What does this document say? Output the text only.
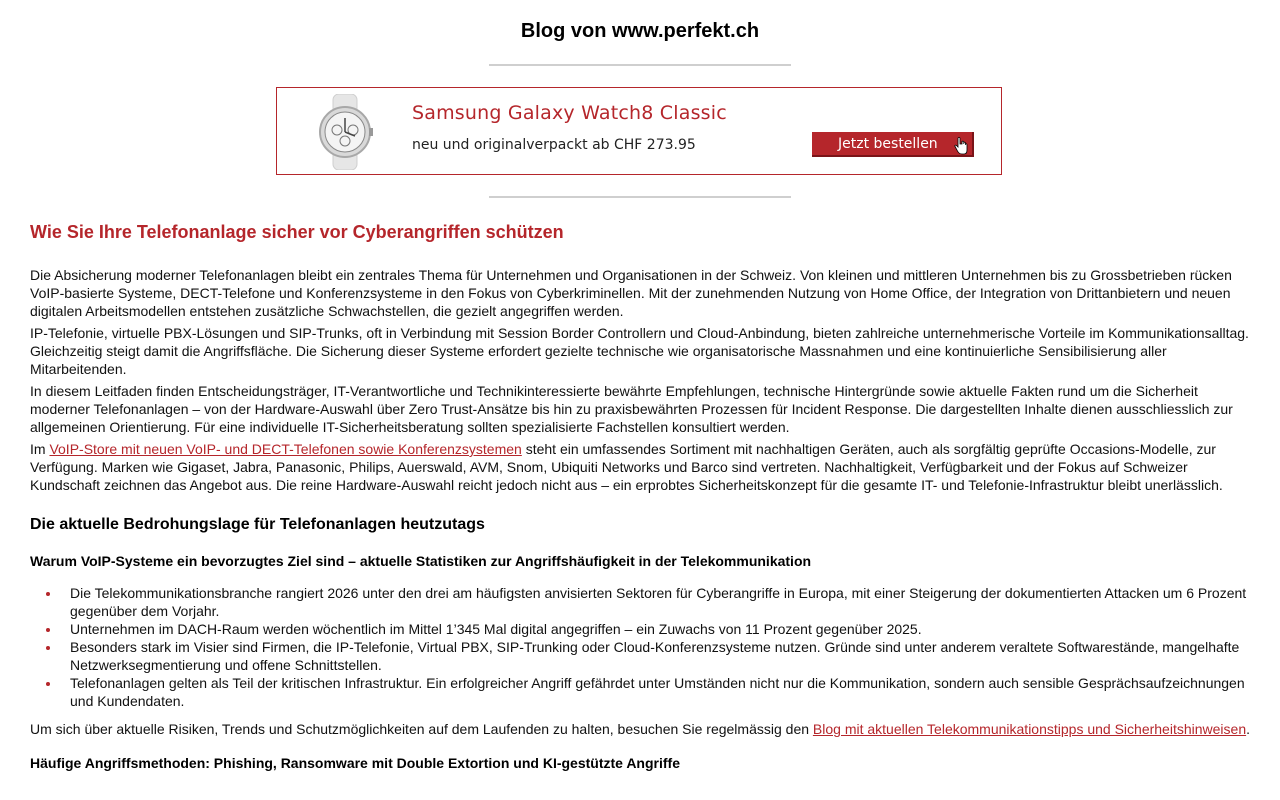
Blog von www.perfekt.ch
Samsung Galaxy Watch8 Classic
neu und originalverpackt ab CHF 273.95	Jetzt bestellen
Wie Sie Ihre Telefonanlage sicher vor Cyberangriffen schützen

Die Absicherung moderner Telefonanlagen bleibt ein zentrales Thema für Unternehmen und Organisationen in der Schweiz. Von kleinen und mittleren Unternehmen bis zu Grossbetrieben rücken VoIP-basierte Systeme, DECT-Telefone und Konferenzsysteme in den Fokus von Cyberkriminellen. Mit der zunehmenden Nutzung von Home Office, der Integration von Drittanbietern und neuen digitalen Arbeitsmodellen entstehen zusätzliche Schwachstellen, die gezielt angegriffen werden.

IP-Telefonie, virtuelle PBX-Lösungen und SIP-Trunks, oft in Verbindung mit Session Border Controllern und Cloud-Anbindung, bieten zahlreiche unternehmerische Vorteile im Kommunikationsalltag. Gleichzeitig steigt damit die Angriffsfläche. Die Sicherung dieser Systeme erfordert gezielte technische wie organisatorische Massnahmen und eine kontinuierliche Sensibilisierung aller Mitarbeitenden.

In diesem Leitfaden finden Entscheidungsträger, IT-Verantwortliche und Technikinteressierte bewährte Empfehlungen, technische Hintergründe sowie aktuelle Fakten rund um die Sicherheit moderner Telefonanlagen – von der Hardware-Auswahl über Zero Trust-Ansätze bis hin zu praxisbewährten Prozessen für Incident Response. Die dargestellten Inhalte dienen ausschliesslich zur allgemeinen Orientierung. Für eine individuelle IT-Sicherheitsberatung sollten spezialisierte Fachstellen konsultiert werden.

Im VoIP-Store mit neuen VoIP- und DECT-Telefonen sowie Konferenzsystemen steht ein umfassendes Sortiment mit nachhaltigen Geräten, auch als sorgfältig geprüfte Occasions-Modelle, zur Verfügung. Marken wie Gigaset, Jabra, Panasonic, Philips, Auerswald, AVM, Snom, Ubiquiti Networks und Barco sind vertreten. Nachhaltigkeit, Verfügbarkeit und der Fokus auf Schweizer Kundschaft zeichnen das Angebot aus. Die reine Hardware-Auswahl reicht jedoch nicht aus – ein erprobtes Sicherheitskonzept für die gesamte IT- und Telefonie-Infrastruktur bleibt unerlässlich.

Die aktuelle Bedrohungslage für Telefonanlagen heutzutags
Warum VoIP-Systeme ein bevorzugtes Ziel sind – aktuelle Statistiken zur Angriffshäufigkeit in der Telekommunikation
Die Telekommunikationsbranche rangiert 2026 unter den drei am häufigsten anvisierten Sektoren für Cyberangriffe in Europa, mit einer Steigerung der dokumentierten Attacken um 6 Prozent gegenüber dem Vorjahr.
Unternehmen im DACH-Raum werden wöchentlich im Mittel 1’345 Mal digital angegriffen – ein Zuwachs von 11 Prozent gegenüber 2025.
Besonders stark im Visier sind Firmen, die IP-Telefonie, Virtual PBX, SIP-Trunking oder Cloud-Konferenzsysteme nutzen. Gründe sind unter anderem veraltete Softwarestände, mangelhafte Netzwerksegmentierung und offene Schnittstellen.
Telefonanlagen gelten als Teil der kritischen Infrastruktur. Ein erfolgreicher Angriff gefährdet unter Umständen nicht nur die Kommunikation, sondern auch sensible Gesprächsaufzeichnungen und Kundendaten.

Um sich über aktuelle Risiken, Trends und Schutzmöglichkeiten auf dem Laufenden zu halten, besuchen Sie regelmässig den Blog mit aktuellen Telekommunikationstipps und Sicherheitshinweisen.

Häufige Angriffsmethoden: Phishing, Ransomware mit Double Extortion und KI-gestützte Angriffe
